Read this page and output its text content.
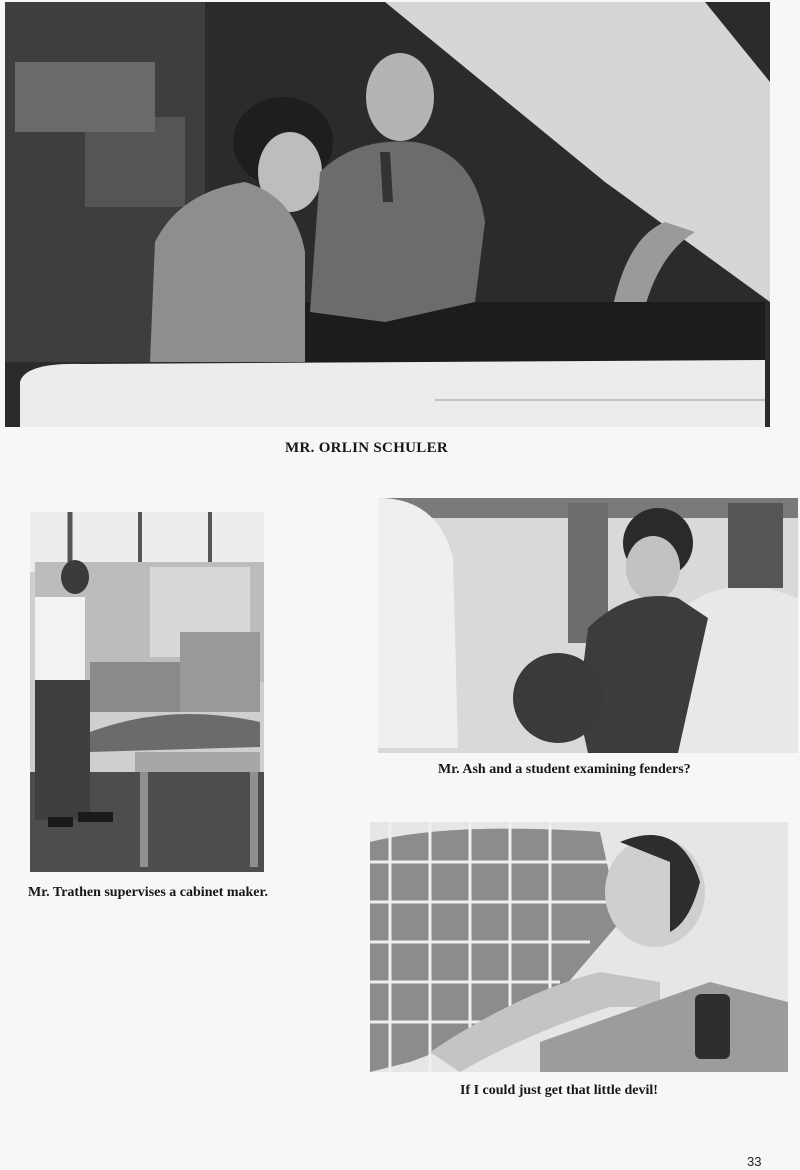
MR. ORLIN SCHULER
Mr. Trathen supervises a cabinet maker.
Mr. Ash and a student examining fenders?
If I could just get that little devil!
33
